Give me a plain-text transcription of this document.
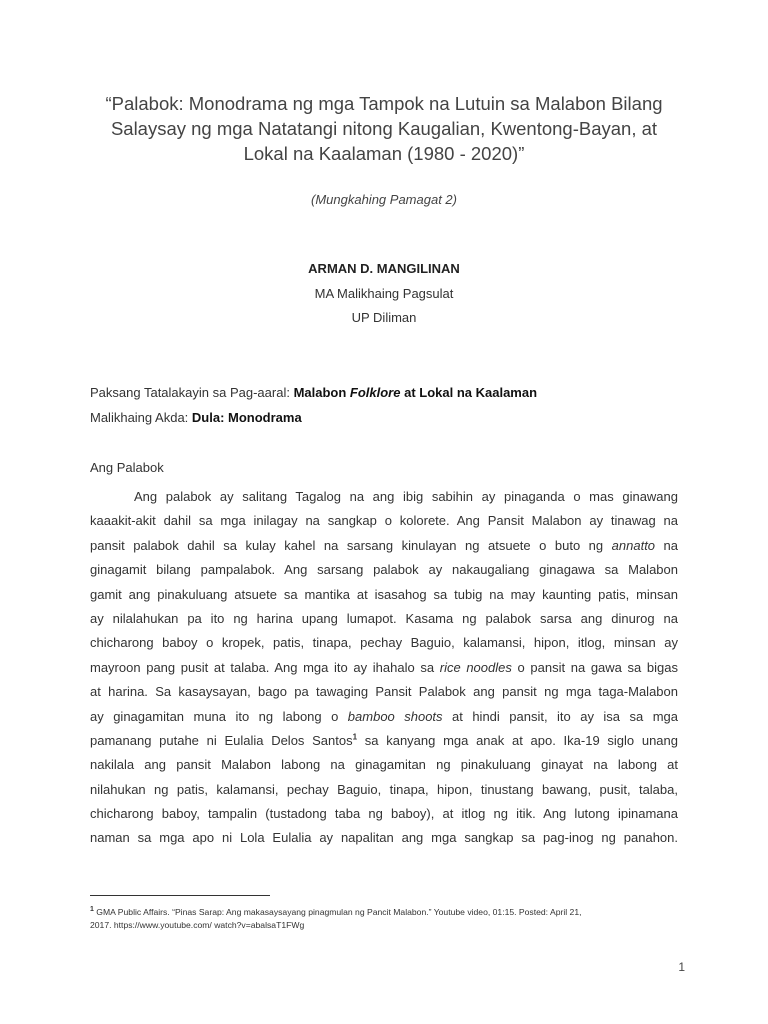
“Palabok: Monodrama ng mga Tampok na Lutuin sa Malabon Bilang
Salaysay ng mga Natatangi nitong Kaugalian, Kwentong-Bayan, at
Lokal na Kaalaman (1980 - 2020)”
(Mungkahing Pamagat 2)
ARMAN D. MANGILINAN
MA Malikhaing Pagsulat
UP Diliman
Paksang Tatalakayin sa Pag-aaral: Malabon Folklore at Lokal na Kaalaman
Malikhaing Akda: Dula: Monodrama
Ang Palabok
Ang palabok ay salitang Tagalog na ang ibig sabihin ay pinaganda o mas ginawang
kaaakit-akit dahil sa mga inilagay na sangkap o kolorete. Ang Pansit Malabon ay tinawag na
pansit palabok dahil sa kulay kahel na sarsang kinulayan ng atsuete o buto ng annatto na
ginagamit bilang pampalabok. Ang sarsang palabok ay nakaugaliang ginagawa sa Malabon
gamit ang pinakuluang atsuete sa mantika at isasahog sa tubig na may kaunting patis, minsan
ay nilalahukan pa ito ng harina upang lumapot. Kasama ng palabok sarsa ang dinurog na
chicharong baboy o kropek, patis, tinapa, pechay Baguio, kalamansi, hipon, itlog, minsan ay
mayroon pang pusit at talaba. Ang mga ito ay ihahalo sa rice noodles o pansit na gawa sa bigas
at harina. Sa kasaysayan, bago pa tawaging Pansit Palabok ang pansit ng mga taga-Malabon
ay ginagamitan muna ito ng labong o bamboo shoots at hindi pansit, ito ay isa sa mga
pamanang putahe ni Eulalia Delos Santos$^1$ sa kanyang mga anak at apo. Ika-19 siglo unang
nakilala ang pansit Malabon labong na ginagamitan ng pinakuluang ginayat na labong at
nilahukan ng patis, kalamansi, pechay Baguio, tinapa, hipon, tinustang bawang, pusit, talaba,
chicharong baboy, tampalin (tustadong taba ng baboy), at itlog ng itik. Ang lutong ipinamana
naman sa mga apo ni Lola Eulalia ay napalitan ang mga sangkap sa pag-inog ng panahon.
$^1$ GMA Public Affairs. “Pinas Sarap: Ang makasaysayang pinagmulan ng Pancit Malabon.” Youtube video, 01:15. Posted: April 21,
2017. https://www.youtube.com/ watch?v=abalsaT1FWg
1
